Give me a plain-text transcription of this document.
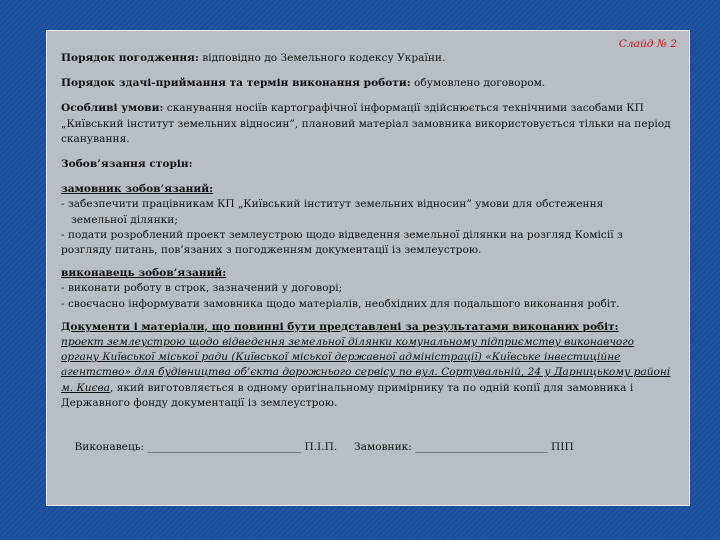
Слайд № 2

Порядок погодження: відповідно до Земельного кодексу України.

Порядок здачі-приймання та термін виконання роботи: обумовлено договором.

Особливі умови: сканування носіїв картографічної інформації здійснюється технічними засобами КП „Київський інститут земельних відносин”, плановий матеріал замовника використовується тільки на період сканування.

Зобов’язання сторін:

замовник зобов’язаний:

- забезпечити працівникам КП „Київський інститут земельних відносин” умови для обстеження

земельної ділянки;

- подати розроблений проект землеустрою щодо відведення земельної ділянки на розгляд Комісії з розгляду питань, пов’язаних з погодженням документації із землеустрою.

виконавець зобов’язаний:

- виконати роботу в строк, зазначений у договорі;

- своєчасно інформувати замовника щодо матеріалів, необхідних для подальшого виконання робіт.

Документи і матеріали, що повинні бути представлені за результатами виконаних робіт:

проект землеустрою щодо відведення земельної ділянки комунальному підприємству виконавчого органу Київської міської ради (Київської міської державної адміністрації) «Київське інвестиційне агентство» для будівництва об’єкта дорожнього сервісу по вул. Сортувальній, 24 у Дарницькому районі м. Києва, який виготовляється в одному оригінальному примірнику та по одній копії для замовника і Державного фонду документації із землеустрою.

Виконавець: _____________________________ П.І.П.     Замовник: _________________________ ПІП
